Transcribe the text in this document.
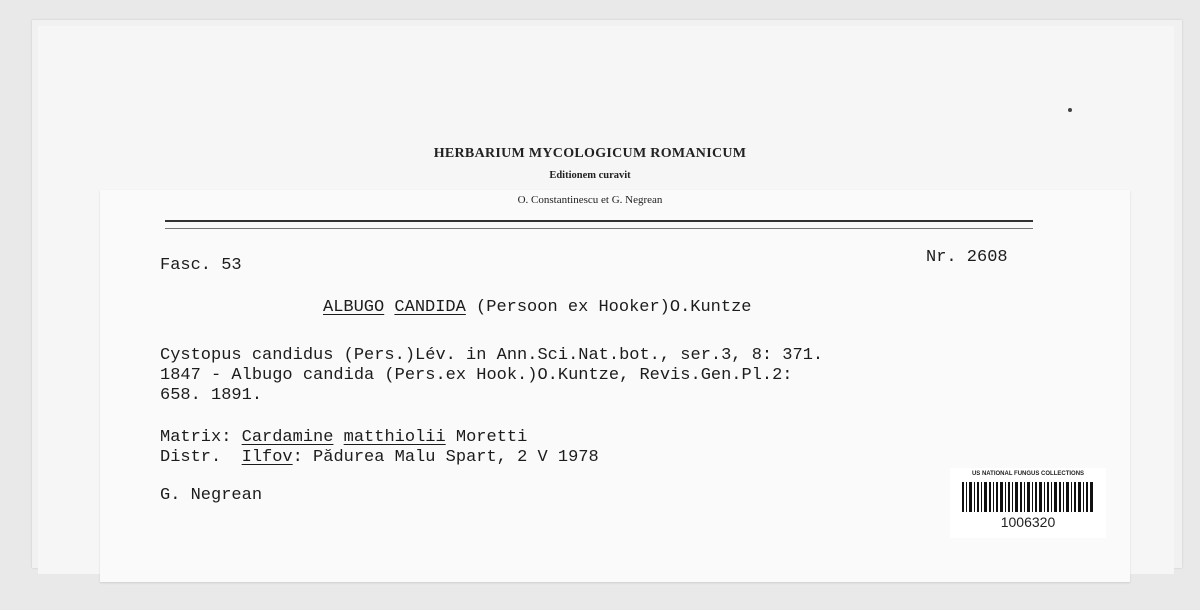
HERBARIUM MYCOLOGICUM ROMANICUM
Editionem curavit
O. Constantinescu et G. Negrean
Fasc. 53	Nr. 2608
ALBUGO CANDIDA (Persoon ex Hooker)O.Kuntze
Cystopus candidus (Pers.)Lév. in Ann.Sci.Nat.bot., ser.3, 8: 371.
1847 - Albugo candida (Pers.ex Hook.)O.Kuntze, Revis.Gen.Pl.2:
658. 1891.
Matrix: Cardamine matthiolii Moretti
Distr. Ilfov: Pădurea Malu Spart, 2 V 1978
G. Negrean
US NATIONAL FUNGUS COLLECTIONS
1006320
